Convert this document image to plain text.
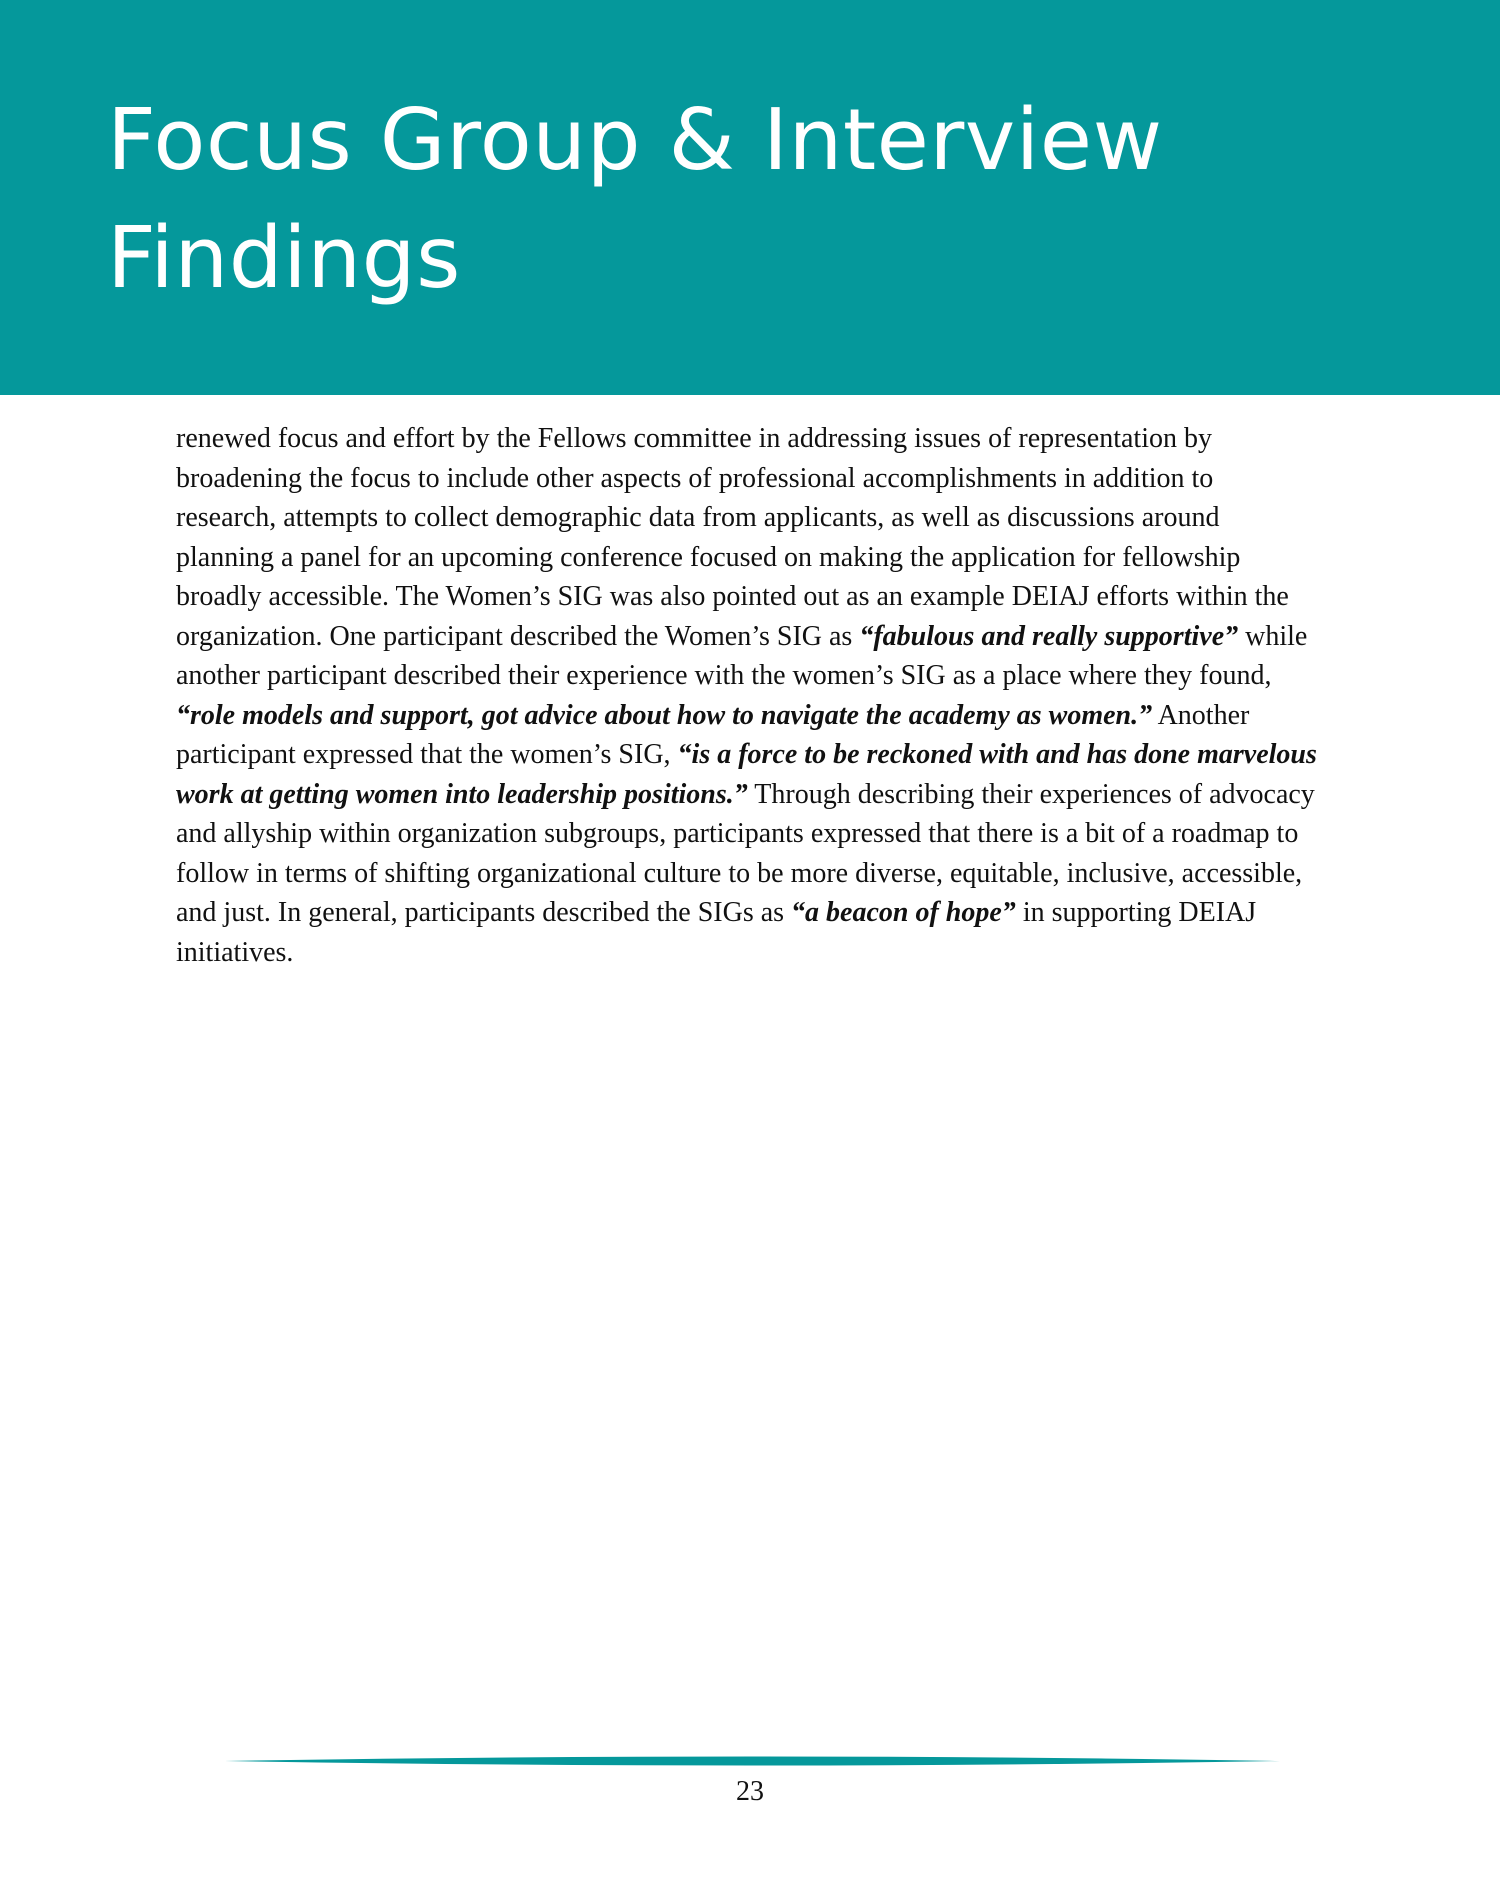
Focus Group & Interview Findings

renewed focus and effort by the Fellows committee in addressing issues of representation by broadening the focus to include other aspects of professional accomplishments in addition to research, attempts to collect demographic data from applicants, as well as discussions around planning a panel for an upcoming conference focused on making the application for fellowship broadly accessible. The Women’s SIG was also pointed out as an example DEIAJ efforts within the organization. One participant described the Women’s SIG as “fabulous and really supportive” while another participant described their experience with the women’s SIG as a place where they found, “role models and support, got advice about how to navigate the academy as women.” Another participant expressed that the women’s SIG, “is a force to be reckoned with and has done marvelous work at getting women into leadership positions.” Through describing their experiences of advocacy and allyship within organization subgroups, participants expressed that there is a bit of a roadmap to follow in terms of shifting organizational culture to be more diverse, equitable, inclusive, accessible, and just. In general, participants described the SIGs as “a beacon of hope” in supporting DEIAJ initiatives.

23
